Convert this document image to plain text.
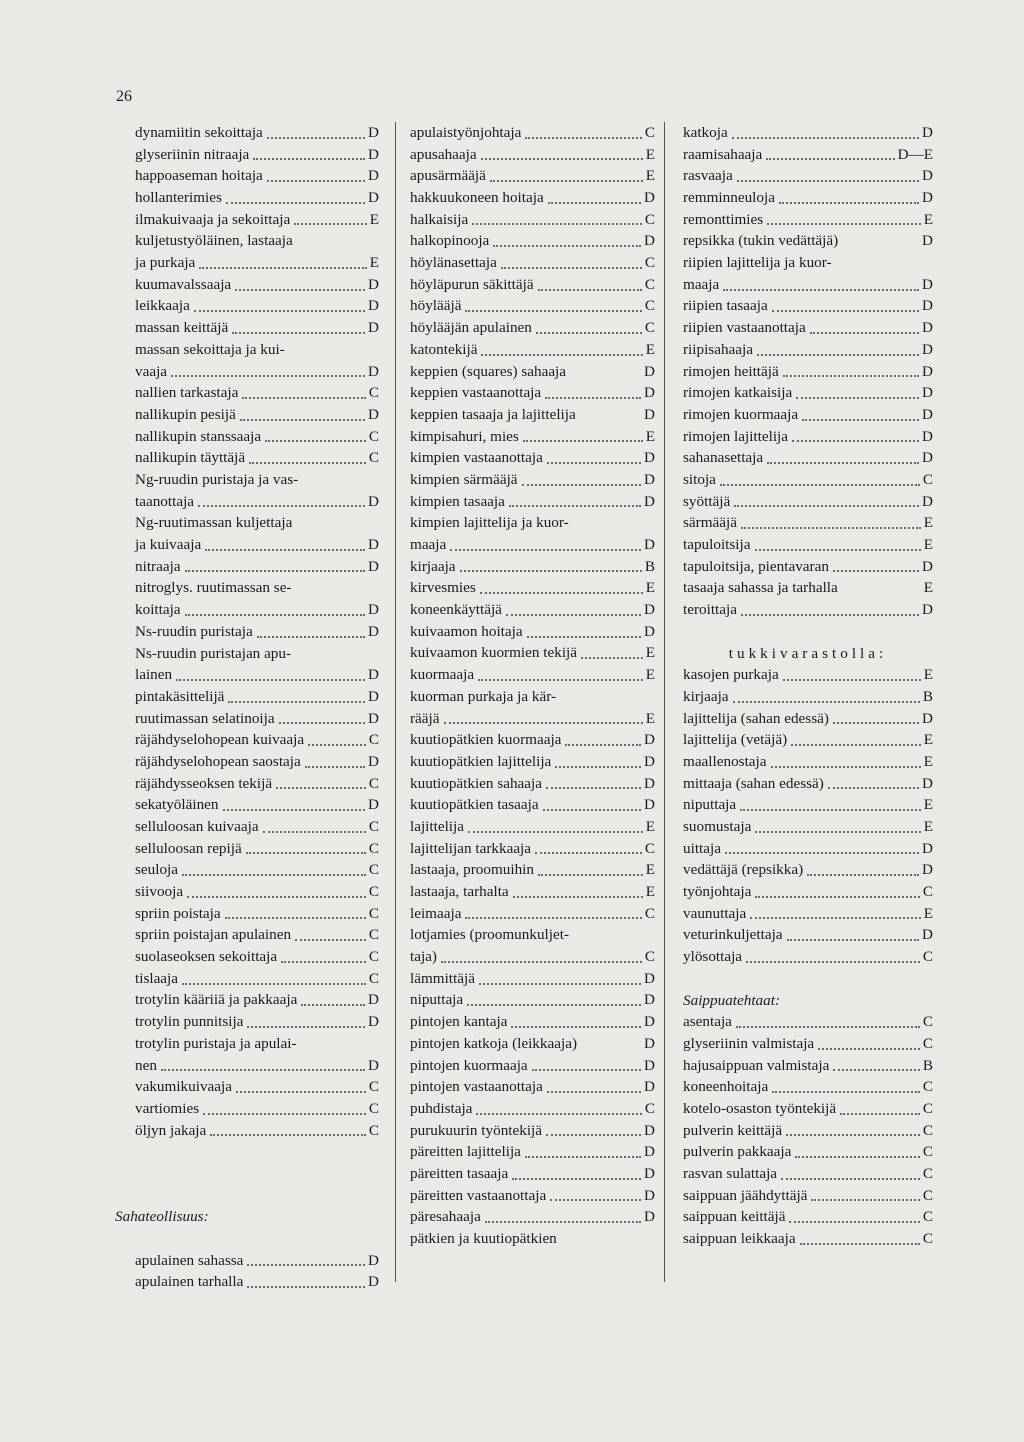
26
dynamiitin sekoittaja	D
glyseriinin nitraaja	D
happoaseman hoitaja	D
hollanterimies	D
ilmakuivaaja ja sekoittaja	E
kuljetustyöläinen, lastaaja
ja purkaja	E
kuumavalssaaja	D
leikkaaja	D
massan keittäjä	D
massan sekoittaja ja kui-
vaaja	D
nallien tarkastaja	C
nallikupin pesijä	D
nallikupin stanssaaja	C
nallikupin täyttäjä	C
Ng-ruudin puristaja ja vas-
taanottaja	D
Ng-ruutimassan kuljettaja
ja kuivaaja	D
nitraaja	D
nitroglys. ruutimassan se-
koittaja	D
Ns-ruudin puristaja	D
Ns-ruudin puristajan apu-
lainen	D
pintakäsittelijä	D
ruutimassan selatinoija	D
räjähdyselohopean kuivaaja	C
räjähdyselohopean saostaja	D
räjähdysseoksen tekijä	C
sekatyöläinen	D
selluloosan kuivaaja	C
selluloosan repijä	C
seuloja	C
siivooja	C
spriin poistaja	C
spriin poistajan apulainen	C
suolaseoksen sekoittaja	C
tislaaja	C
trotylin kääriiä ja pakkaaja	D
trotylin punnitsija	D
trotylin puristaja ja apulai-
nen	D
vakumikuivaaja	C
vartiomies	C
öljyn jakaja	C
Sahateollisuus:
apulainen sahassa	D
apulainen tarhalla	D
apulaistyönjohtaja	C
apusahaaja	E
apusärmääjä	E
hakkuukoneen hoitaja	D
halkaisija	C
halkopinooja	D
höylänasettaja	C
höyläpurun säkittäjä	C
höylääjä	C
höylääjän apulainen	C
katontekijä	E
keppien (squares) sahaaja	D
keppien vastaanottaja	D
keppien tasaaja ja lajittelija	D
kimpisahuri, mies	E
kimpien vastaanottaja	D
kimpien särmääjä	D
kimpien tasaaja	D
kimpien lajittelija ja kuor-
maaja	D
kirjaaja	B
kirvesmies	E
koneenkäyttäjä	D
kuivaamon hoitaja	D
kuivaamon kuormien tekijä	E
kuormaaja	E
kuorman purkaja ja kär-
rääjä	E
kuutiopätkien kuormaaja	D
kuutiopätkien lajittelija	D
kuutiopätkien sahaaja	D
kuutiopätkien tasaaja	D
lajittelija	E
lajittelijan tarkkaaja	C
lastaaja, proomuihin	E
lastaaja, tarhalta	E
leimaaja	C
lotjamies (proomunkuljet-
taja)	C
lämmittäjä	D
niputtaja	D
pintojen kantaja	D
pintojen katkoja (leikkaaja)	D
pintojen kuormaaja	D
pintojen vastaanottaja	D
puhdistaja	C
purukuurin työntekijä	D
päreitten lajittelija	D
päreitten tasaaja	D
päreitten vastaanottaja	D
päresahaaja	D
pätkien ja kuutiopätkien
katkoja	D
raamisahaaja	D—E
rasvaaja	D
remminneuloja	D
remonttimies	E
repsikka (tukin vedättäjä)	D
riipien lajittelija ja kuor-
maaja	D
riipien tasaaja	D
riipien vastaanottaja	D
riipisahaaja	D
rimojen heittäjä	D
rimojen katkaisija	D
rimojen kuormaaja	D
rimojen lajittelija	D
sahanasettaja	D
sitoja	C
syöttäjä	D
särmääjä	E
tapuloitsija	E
tapuloitsija, pientavaran	D
tasaaja sahassa ja tarhalla	E
teroittaja	D
tukkivarastolla:
kasojen purkaja	E
kirjaaja	B
lajittelija (sahan edessä)	D
lajittelija (vetäjä)	E
maallenostaja	E
mittaaja (sahan edessä)	D
niputtaja	E
suomustaja	E
uittaja	D
vedättäjä (repsikka)	D
työnjohtaja	C
vaunuttaja	E
veturinkuljettaja	D
ylösottaja	C
Saippuatehtaat:
asentaja	C
glyseriinin valmistaja	C
hajusaippuan valmistaja	B
koneenhoitaja	C
kotelo-osaston työntekijä	C
pulverin keittäjä	C
pulverin pakkaaja	C
rasvan sulattaja	C
saippuan jäähdyttäjä	C
saippuan keittäjä	C
saippuan leikkaaja	C
